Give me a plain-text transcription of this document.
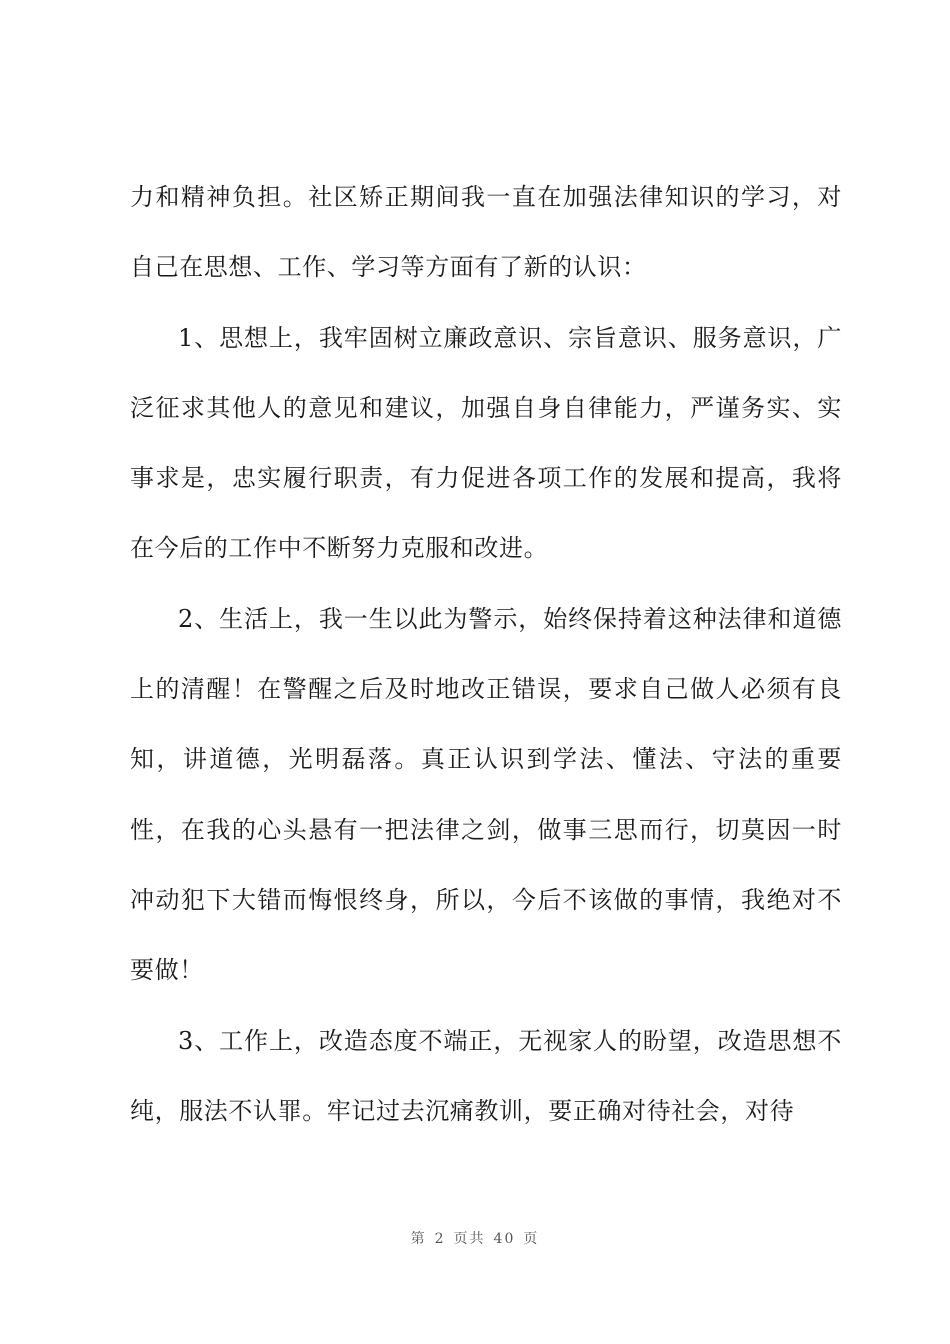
力和精神负担。社区矫正期间我一直在加强法律知识的学习，对自己在思想、工作、学习等方面有了新的认识：

1、思想上，我牢固树立廉政意识、宗旨意识、服务意识，广泛征求其他人的意见和建议，加强自身自律能力，严谨务实、实事求是，忠实履行职责，有力促进各项工作的发展和提高，我将在今后的工作中不断努力克服和改进。

2、生活上，我一生以此为警示，始终保持着这种法律和道德上的清醒！在警醒之后及时地改正错误，要求自己做人必须有良知，讲道德，光明磊落。真正认识到学法、懂法、守法的重要性，在我的心头悬有一把法律之剑，做事三思而行，切莫因一时冲动犯下大错而悔恨终身，所以，今后不该做的事情，我绝对不要做！

3、工作上，改造态度不端正，无视家人的盼望，改造思想不纯，服法不认罪。牢记过去沉痛教训，要正确对待社会，对待

第 2 页共 40 页
